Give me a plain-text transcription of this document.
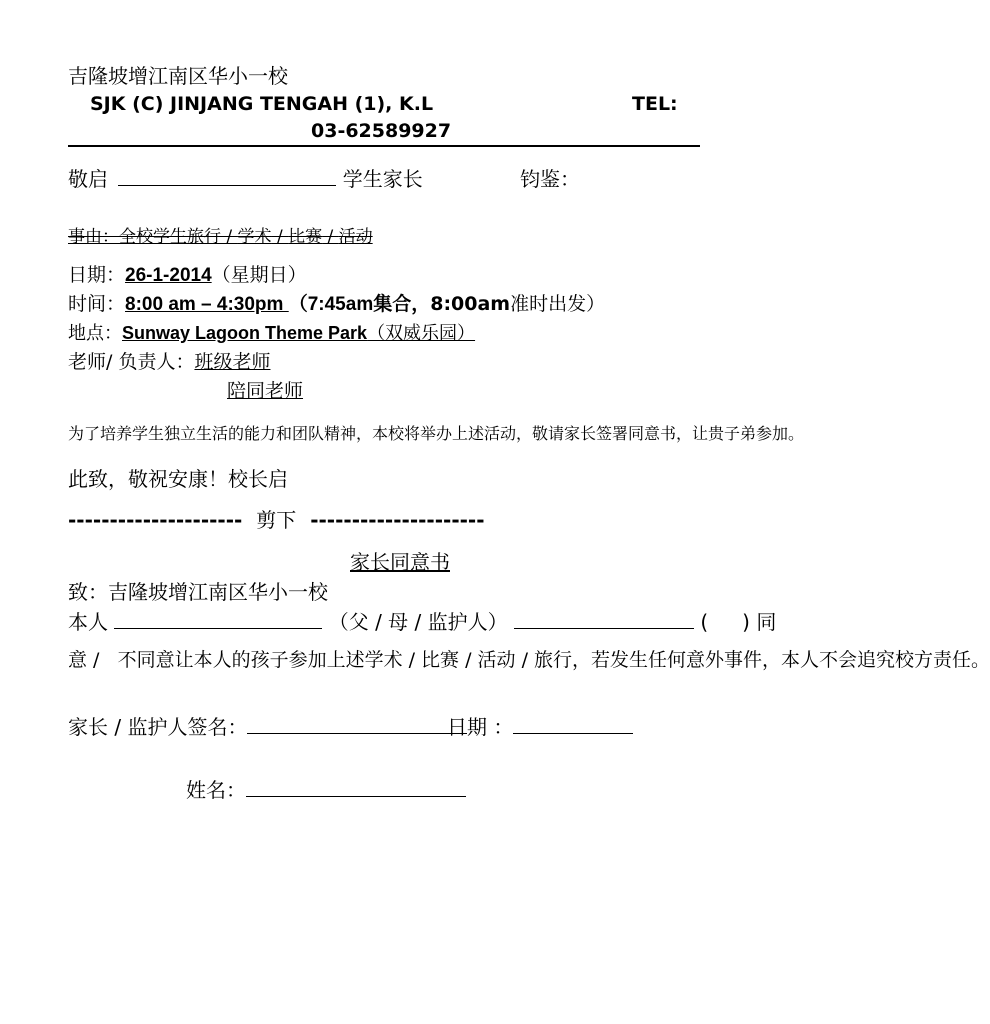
吉隆坡增江南区华小一校
SJK (C) JINJANG TENGAH (1), K.L	TEL:
03-62589927
敬启	学生家长	钧鉴：
事由：全校学生旅行 / 学术 / 比赛 / 活动
日期：26-1-2014（星期日）
时间：8:00 am – 4:30pm （7:45am集合，8:00am准时出发）
地点：Sunway Lagoon Theme Park（双威乐园）
老师/ 负责人：班级老师
陪同老师
为了培养学生独立生活的能力和团队精神，本校将举办上述活动，敬请家长签署同意书，让贵子弟参加。
此致，敬祝安康！校长启
--------------------- 剪下 ---------------------
家长同意书
致：吉隆坡增江南区华小一校
本人	（父 / 母 / 监护人）	( ) 同
意 / 不同意让本人的孩子参加上述学术 / 比赛 / 活动 / 旅行，若发生任何意外事件，本人不会追究校方责任。
家长 / 监护人签名：	日期 ：
姓名：
